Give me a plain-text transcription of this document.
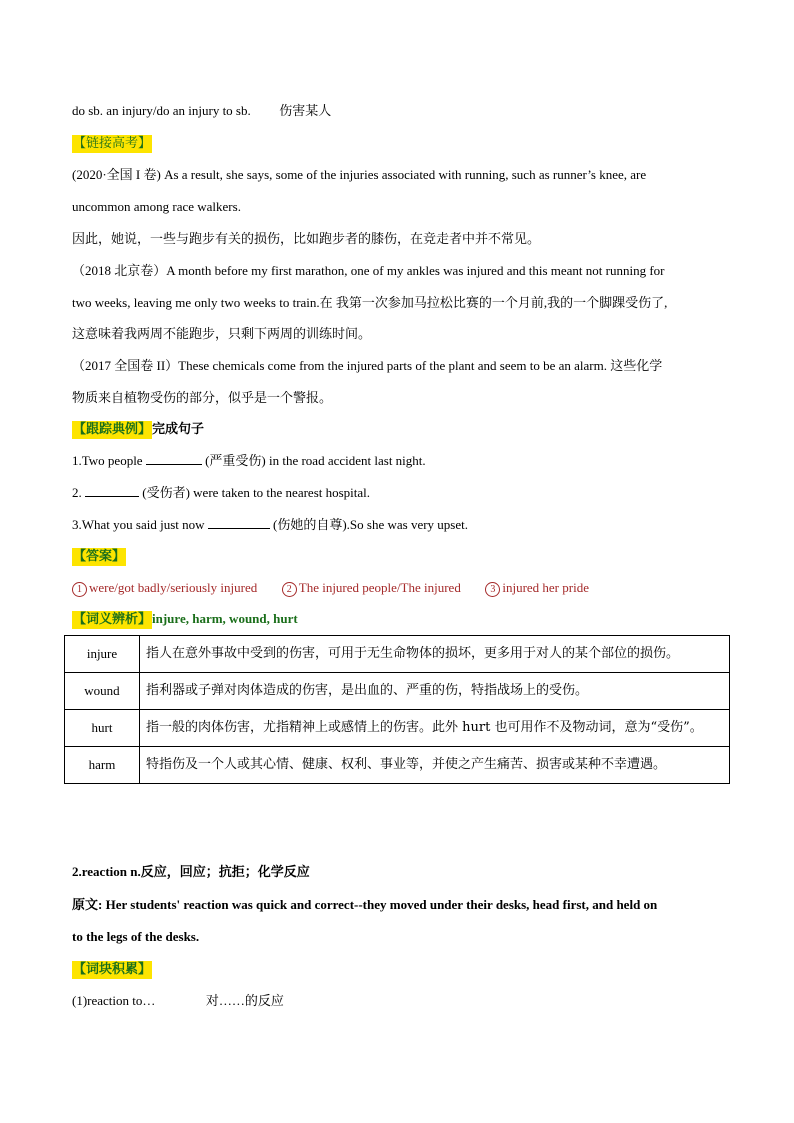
do sb. an injury/do an injury to sb. 伤害某人
【链接高考】
(2020·全国 I 卷) As a result, she says, some of the injuries associated with running, such as runner’s knee, are
uncommon among race walkers.
因此，她说，一些与跑步有关的损伤，比如跑步者的膝伤，在竞走者中并不常见。
（2018 北京卷）A month before my first marathon, one of my ankles was injured and this meant not running for
two weeks, leaving me only two weeks to train.在 我第一次参加马拉松比赛的一个月前,我的一个脚踝受伤了,
这意味着我两周不能跑步，只剩下两周的训练时间。
（2017 全国卷 II）These chemicals come from the injured parts of the plant and seem to be an alarm. 这些化学
物质来自植物受伤的部分，似乎是一个警报。
【跟踪典例】完成句子
1.Two people	(严重受伤) in the road accident last night.
2.	(受伤者) were taken to the nearest hospital.
3.What you said just now	(伤她的自尊).So she was very upset.
【答案】
1 were/got badly/seriously injured	2 The injured people/The injured	3 injured her pride
【词义辨析】injure, harm, wound, hurt
injure	指人在意外事故中受到的伤害，可用于无生命物体的损坏，更多用于对人的某个部位的损伤。
wound	指利器或子弹对肉体造成的伤害，是出血的、严重的伤，特指战场上的受伤。
hurt	指一般的肉体伤害，尤指精神上或感情上的伤害。此外 hurt 也可用作不及物动词，意为“受伤”。
harm	特指伤及一个人或其心情、健康、权利、事业等，并使之产生痛苦、损害或某种不幸遭遇。
2.reaction n.反应，回应；抗拒；化学反应
原文: Her students' reaction was quick and correct--they moved under their desks, head first, and held on
to the legs of the desks.
【词块积累】
(1)reaction to…	对……的反应
